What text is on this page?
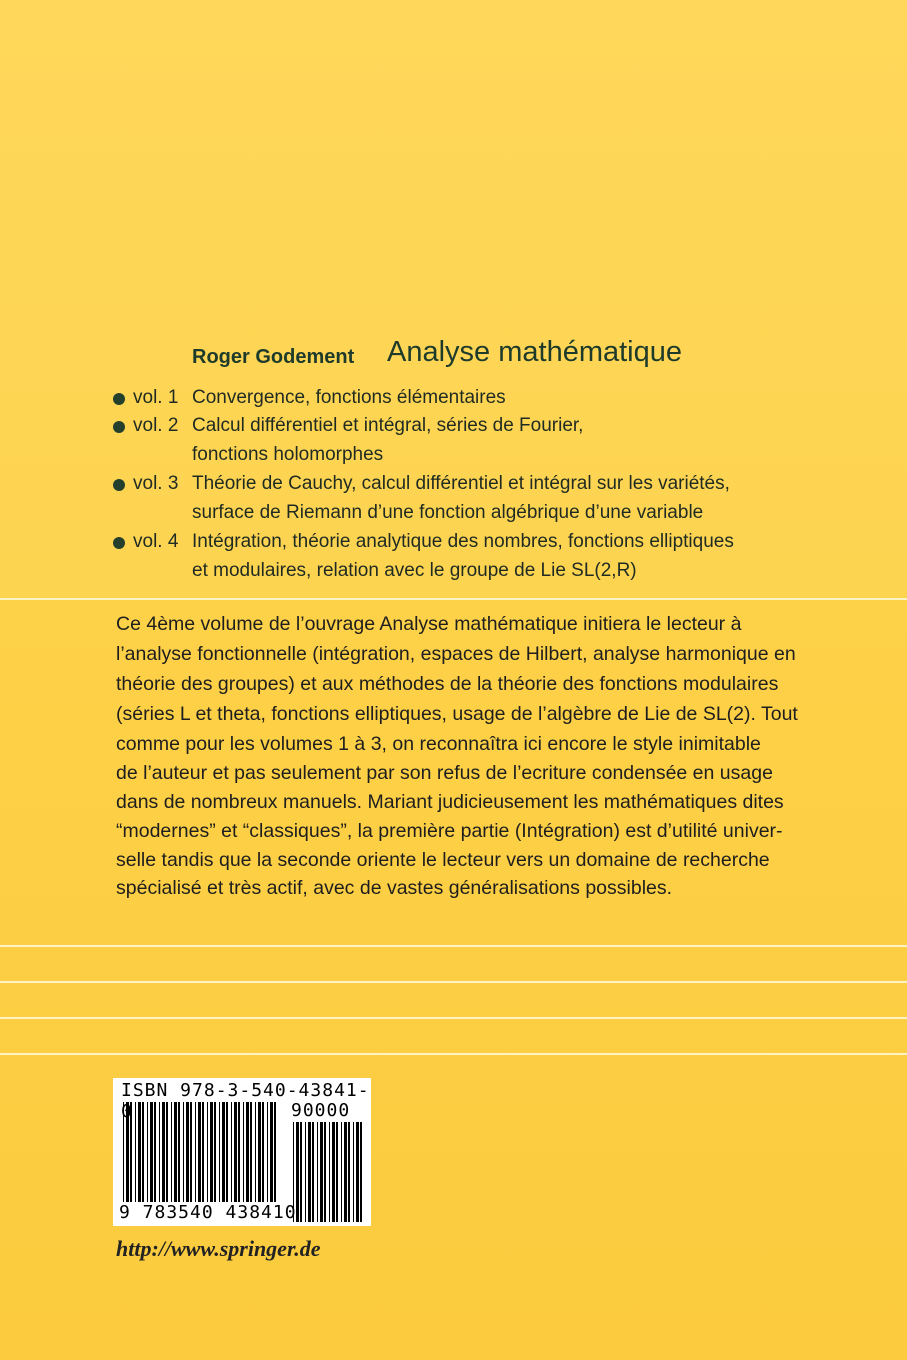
Roger Godement Analyse mathématique
vol. 1 Convergence, fonctions élémentaires
vol. 2 Calcul différentiel et intégral, séries de Fourier,
fonctions holomorphes
vol. 3 Théorie de Cauchy, calcul différentiel et intégral sur les variétés,
surface de Riemann d’une fonction algébrique d’une variable
vol. 4 Intégration, théorie analytique des nombres, fonctions elliptiques
et modulaires, relation avec le groupe de Lie SL(2,R)
Ce 4ème volume de l’ouvrage Analyse mathématique initiera le lecteur à
l’analyse fonctionnelle (intégration, espaces de Hilbert, analyse harmonique en
théorie des groupes) et aux méthodes de la théorie des fonctions modulaires
(séries L et theta, fonctions elliptiques, usage de l’algèbre de Lie de SL(2). Tout
comme pour les volumes 1 à 3, on reconnaîtra ici encore le style inimitable
de l’auteur et pas seulement par son refus de l’ecriture condensée en usage
dans de nombreux manuels. Mariant judicieusement les mathématiques dites
“modernes” et “classiques”, la première partie (Intégration) est d’utilité univer-
selle tandis que la seconde oriente le lecteur vers un domaine de recherche
spécialisé et très actif, avec de vastes généralisations possibles.
ISBN 978-3-540-43841-0	90000
9 783540 438410
http://www.springer.de
